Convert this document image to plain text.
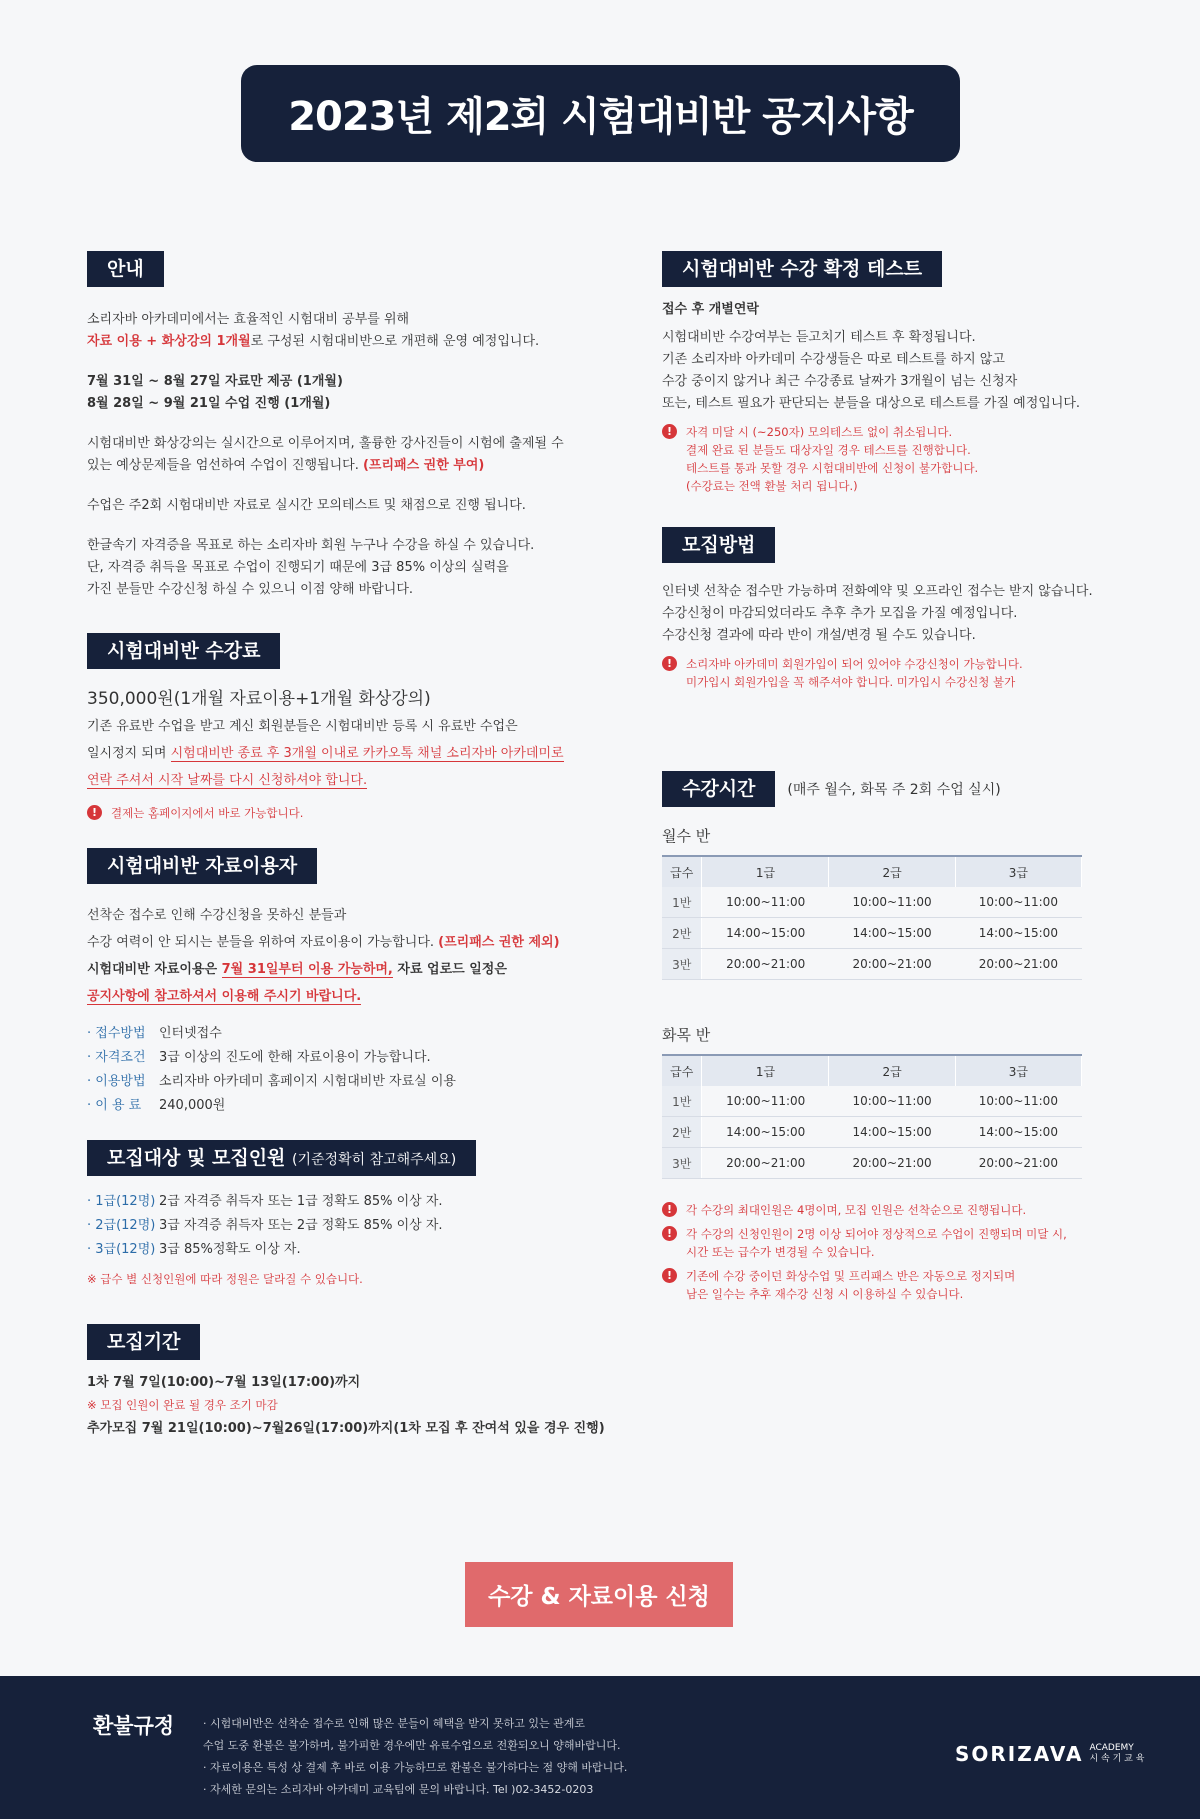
2023년 제2회 시험대비반 공지사항
안내

소리자바 아카데미에서는 효율적인 시험대비 공부를 위해

자료 이용 + 화상강의 1개월로 구성된 시험대비반으로 개편해 운영 예정입니다.

7월 31일 ~ 8월 27일 자료만 제공 (1개월)

8월 28일 ~ 9월 21일 수업 진행 (1개월)

시험대비반 화상강의는 실시간으로 이루어지며, 훌륭한 강사진들이 시험에 출제될 수

있는 예상문제들을 엄선하여 수업이 진행됩니다. (프리패스 권한 부여)

수업은 주2회 시험대비반 자료로 실시간 모의테스트 및 채점으로 진행 됩니다.

한글속기 자격증을 목표로 하는 소리자바 회원 누구나 수강을 하실 수 있습니다.

단, 자격증 취득을 목표로 수업이 진행되기 때문에 3급 85% 이상의 실력을

가진 분들만 수강신청 하실 수 있으니 이점 양해 바랍니다.

시험대비반 수강료

350,000원(1개월 자료이용+1개월 화상강의)

기존 유료반 수업을 받고 계신 회원분들은 시험대비반 등록 시 유료반 수업은

일시정지 되며 시험대비반 종료 후 3개월 이내로 카카오톡 채널 소리자바 아카데미로

연락 주셔서 시작 날짜를 다시 신청하셔야 합니다.

!	결제는 홈페이지에서 바로 가능합니다.

시험대비반 자료이용자

선착순 접수로 인해 수강신청을 못하신 분들과

수강 여력이 안 되시는 분들을 위하여 자료이용이 가능합니다. (프리패스 권한 제외)

시험대비반 자료이용은 7월 31일부터 이용 가능하며, 자료 업로드 일정은

공지사항에 참고하셔서 이용해 주시기 바랍니다.

· 접수방법 인터넷접수
· 자격조건 3급 이상의 진도에 한해 자료이용이 가능합니다.
· 이용방법 소리자바 아카데미 홈페이지 시험대비반 자료실 이용
· 이 용 료 240,000원
모집대상 및 모집인원 (기준정확히 참고해주세요)
· 1급(12명) 2급 자격증 취득자 또는 1급 정확도 85% 이상 자.
· 2급(12명) 3급 자격증 취득자 또는 2급 정확도 85% 이상 자.
· 3급(12명) 3급 85%정확도 이상 자.

※ 급수 별 신청인원에 따라 정원은 달라질 수 있습니다.

모집기간

1차 7월 7일(10:00)~7월 13일(17:00)까지

※ 모집 인원이 완료 될 경우 조기 마감

추가모집 7월 21일(10:00)~7월26일(17:00)까지(1차 모집 후 잔여석 있을 경우 진행)

시험대비반 수강 확정 테스트

접수 후 개별연락

시험대비반 수강여부는 듣고치기 테스트 후 확정됩니다.

기존 소리자바 아카데미 수강생들은 따로 테스트를 하지 않고

수강 중이지 않거나 최근 수강종료 날짜가 3개월이 넘는 신청자

또는, 테스트 필요가 판단되는 분들을 대상으로 테스트를 가질 예정입니다.

!	자격 미달 시 (~250자) 모의테스트 없이 취소됩니다.
결제 완료 된 분들도 대상자일 경우 테스트를 진행합니다.
테스트를 통과 못할 경우 시험대비반에 신청이 불가합니다.
(수강료는 전액 환불 처리 됩니다.)
모집방법

인터넷 선착순 접수만 가능하며 전화예약 및 오프라인 접수는 받지 않습니다.

수강신청이 마감되었더라도 추후 추가 모집을 가질 예정입니다.

수강신청 결과에 따라 반이 개설/변경 될 수도 있습니다.

!	소리자바 아카데미 회원가입이 되어 있어야 수강신청이 가능합니다.
미가입시 회원가입을 꼭 해주셔야 합니다. 미가입시 수강신청 불가
수강시간	(매주 월수, 화목 주 2회 수업 실시)

월수 반

급수	1급	2급	3급
1반	10:00~11:00	10:00~11:00	10:00~11:00
2반	14:00~15:00	14:00~15:00	14:00~15:00
3반	20:00~21:00	20:00~21:00	20:00~21:00

화목 반

급수	1급	2급	3급
1반	10:00~11:00	10:00~11:00	10:00~11:00
2반	14:00~15:00	14:00~15:00	14:00~15:00
3반	20:00~21:00	20:00~21:00	20:00~21:00
!	각 수강의 최대인원은 4명이며, 모집 인원은 선착순으로 진행됩니다.
!	각 수강의 신청인원이 2명 이상 되어야 정상적으로 수업이 진행되며 미달 시,
시간 또는 급수가 변경될 수 있습니다.
!	기존에 수강 중이던 화상수업 및 프리패스 반은 자동으로 정지되며
남은 일수는 추후 재수강 신청 시 이용하실 수 있습니다.
수강 & 자료이용 신청
환불규정	· 시험대비반은 선착순 접수로 인해 많은 분들이 혜택을 받지 못하고 있는 관계로
수업 도중 환불은 불가하며, 불가피한 경우에만 유료수업으로 전환되오니 양해바랍니다.
· 자료이용은 특성 상 결제 후 바로 이용 가능하므로 환불은 불가하다는 점 양해 바랍니다.
· 자세한 문의는 소리자바 아카데미 교육팀에 문의 바랍니다. Tel )02-3452-0203
SORIZAVA ACADEMY
시 속 기 교 육
